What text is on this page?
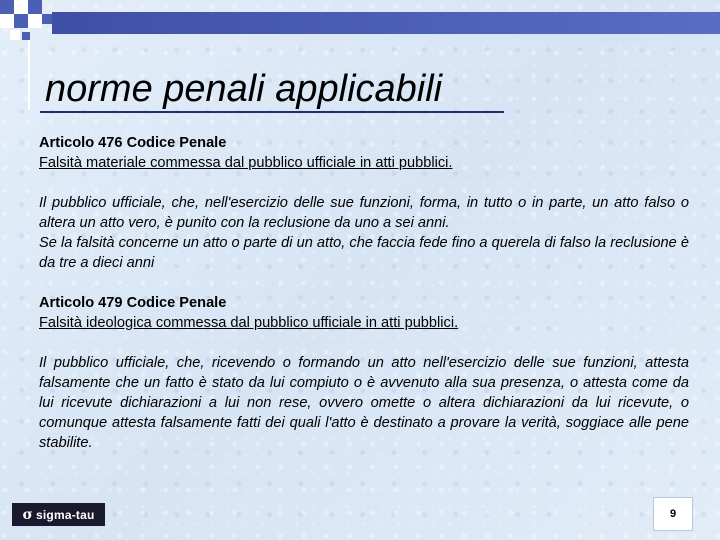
norme penali applicabili

Articolo 476 Codice Penale

Falsità materiale commessa dal pubblico ufficiale in atti pubblici.

Il pubblico ufficiale, che, nell'esercizio delle sue funzioni, forma, in tutto o in parte, un atto falso o altera un atto vero, è punito con la reclusione da uno a sei anni.

Se la falsità concerne un atto o parte di un atto, che faccia fede fino a querela di falso la reclusione è da tre a dieci anni

Articolo 479 Codice Penale

Falsità ideologica commessa dal pubblico ufficiale in atti pubblici.

Il pubblico ufficiale, che, ricevendo o formando un atto nell'esercizio delle sue funzioni, attesta falsamente che un fatto è stato da lui compiuto o è avvenuto alla sua presenza, o attesta come da lui ricevute dichiarazioni a lui non rese, ovvero omette o altera dichiarazioni da lui ricevute, o comunque attesta falsamente fatti dei quali l'atto è destinato a provare la verità, soggiace alle pene stabilite.

σ sigma-tau	9
